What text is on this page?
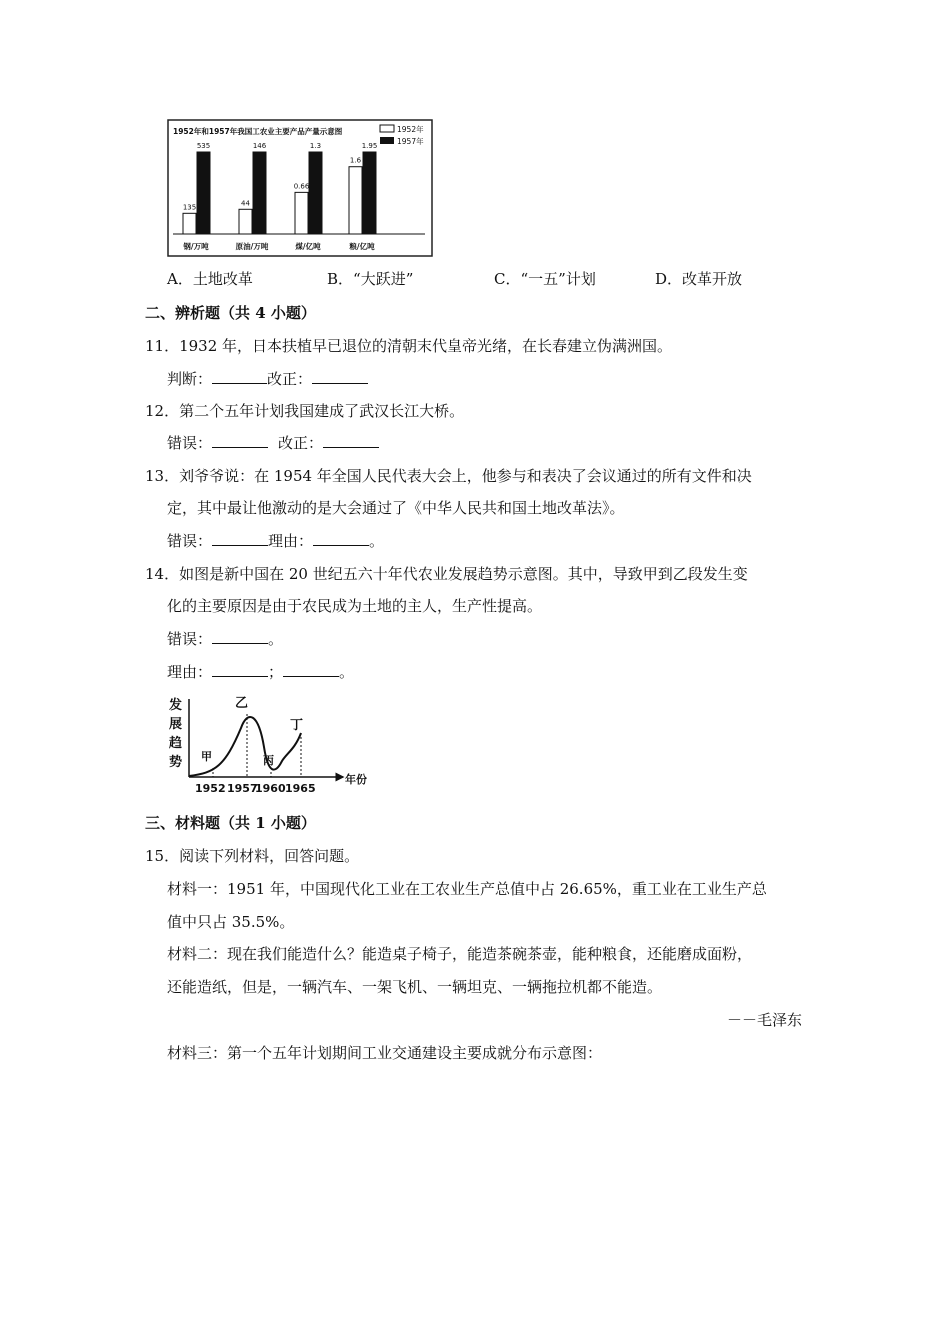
1952年和1957年我国工农业主要产品产量示意图	1952年
1957年
135
535
钢/万吨
44
146
原油/万吨
0.66
1.3
煤/亿吨
1.6
1.95
粮/亿吨
A．土地改革	B．“大跃进”	C．“一五”计划	D．改革开放
二、辨析题（共 4 小题）
11．1932 年，日本扶植早已退位的清朝末代皇帝光绪，在长春建立伪满洲国。
判断：	改正：
12．第二个五年计划我国建成了武汉长江大桥。
错误：	改正：
13．刘爷爷说：在 1954 年全国人民代表大会上，他参与和表决了会议通过的所有文件和决
定，其中最让他激动的是大会通过了《中华人民共和国土地改革法》。
错误：	理由：	。
14．如图是新中国在 20 世纪五六十年代农业发展趋势示意图。其中，导致甲到乙段发生变
化的主要原因是由于农民成为土地的主人，生产性提高。
错误：	。
理由：	；	。
发展趋势
年份
甲
乙
丙
丁
1952 1957
1960 1965
三、材料题（共 1 小题）
15．阅读下列材料，回答问题。
材料一：1951 年，中国现代化工业在工农业生产总值中占 26.65%，重工业在工业生产总
值中只占 35.5%。
材料二：现在我们能造什么？能造桌子椅子，能造茶碗茶壶，能种粮食，还能磨成面粉，
还能造纸，但是，一辆汽车、一架飞机、一辆坦克、一辆拖拉机都不能造。
－－毛泽东
材料三：第一个五年计划期间工业交通建设主要成就分布示意图：
